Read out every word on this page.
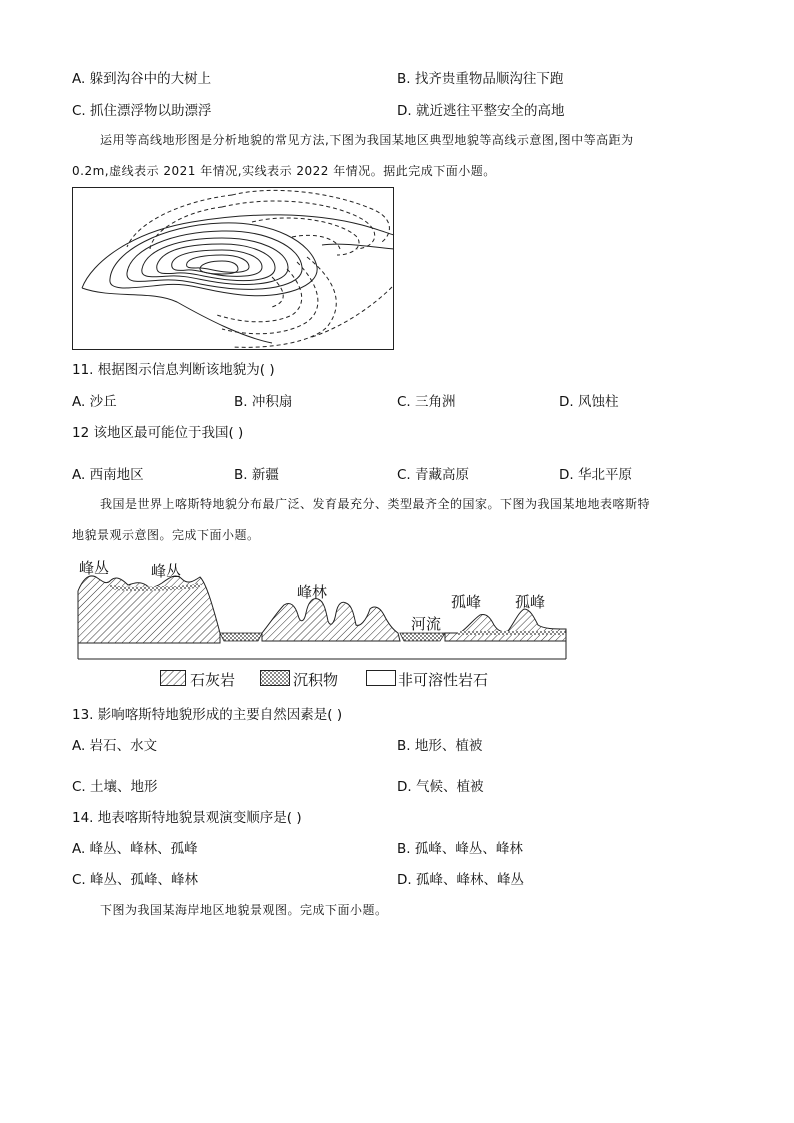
A. 躲到沟谷中的大树上	B. 找齐贵重物品顺沟往下跑
C. 抓住漂浮物以助漂浮	D. 就近逃往平整安全的高地
运用等高线地形图是分析地貌的常见方法,下图为我国某地区典型地貌等高线示意图,图中等高距为
0.2m,虚线表示 2021 年情况,实线表示 2022 年情况。据此完成下面小题。
11. 根据图示信息判断该地貌为( )
A. 沙丘	B. 冲积扇	C. 三角洲	D. 风蚀柱
12 该地区最可能位于我国( )
A. 西南地区	B. 新疆	C. 青藏高原	D. 华北平原
我国是世界上喀斯特地貌分布最广泛、发育最充分、类型最齐全的国家。下图为我国某地地表喀斯特
地貌景观示意图。完成下面小题。
峰丛	峰丛
峰林
河流
孤峰 孤峰
石灰岩	沉积物	非可溶性岩石
13. 影响喀斯特地貌形成的主要自然因素是( )
A. 岩石、水文	B. 地形、植被
C. 土壤、地形	D. 气候、植被
14. 地表喀斯特地貌景观演变顺序是( )
A. 峰丛、峰林、孤峰	B. 孤峰、峰丛、峰林
C. 峰丛、孤峰、峰林	D. 孤峰、峰林、峰丛
下图为我国某海岸地区地貌景观图。完成下面小题。
